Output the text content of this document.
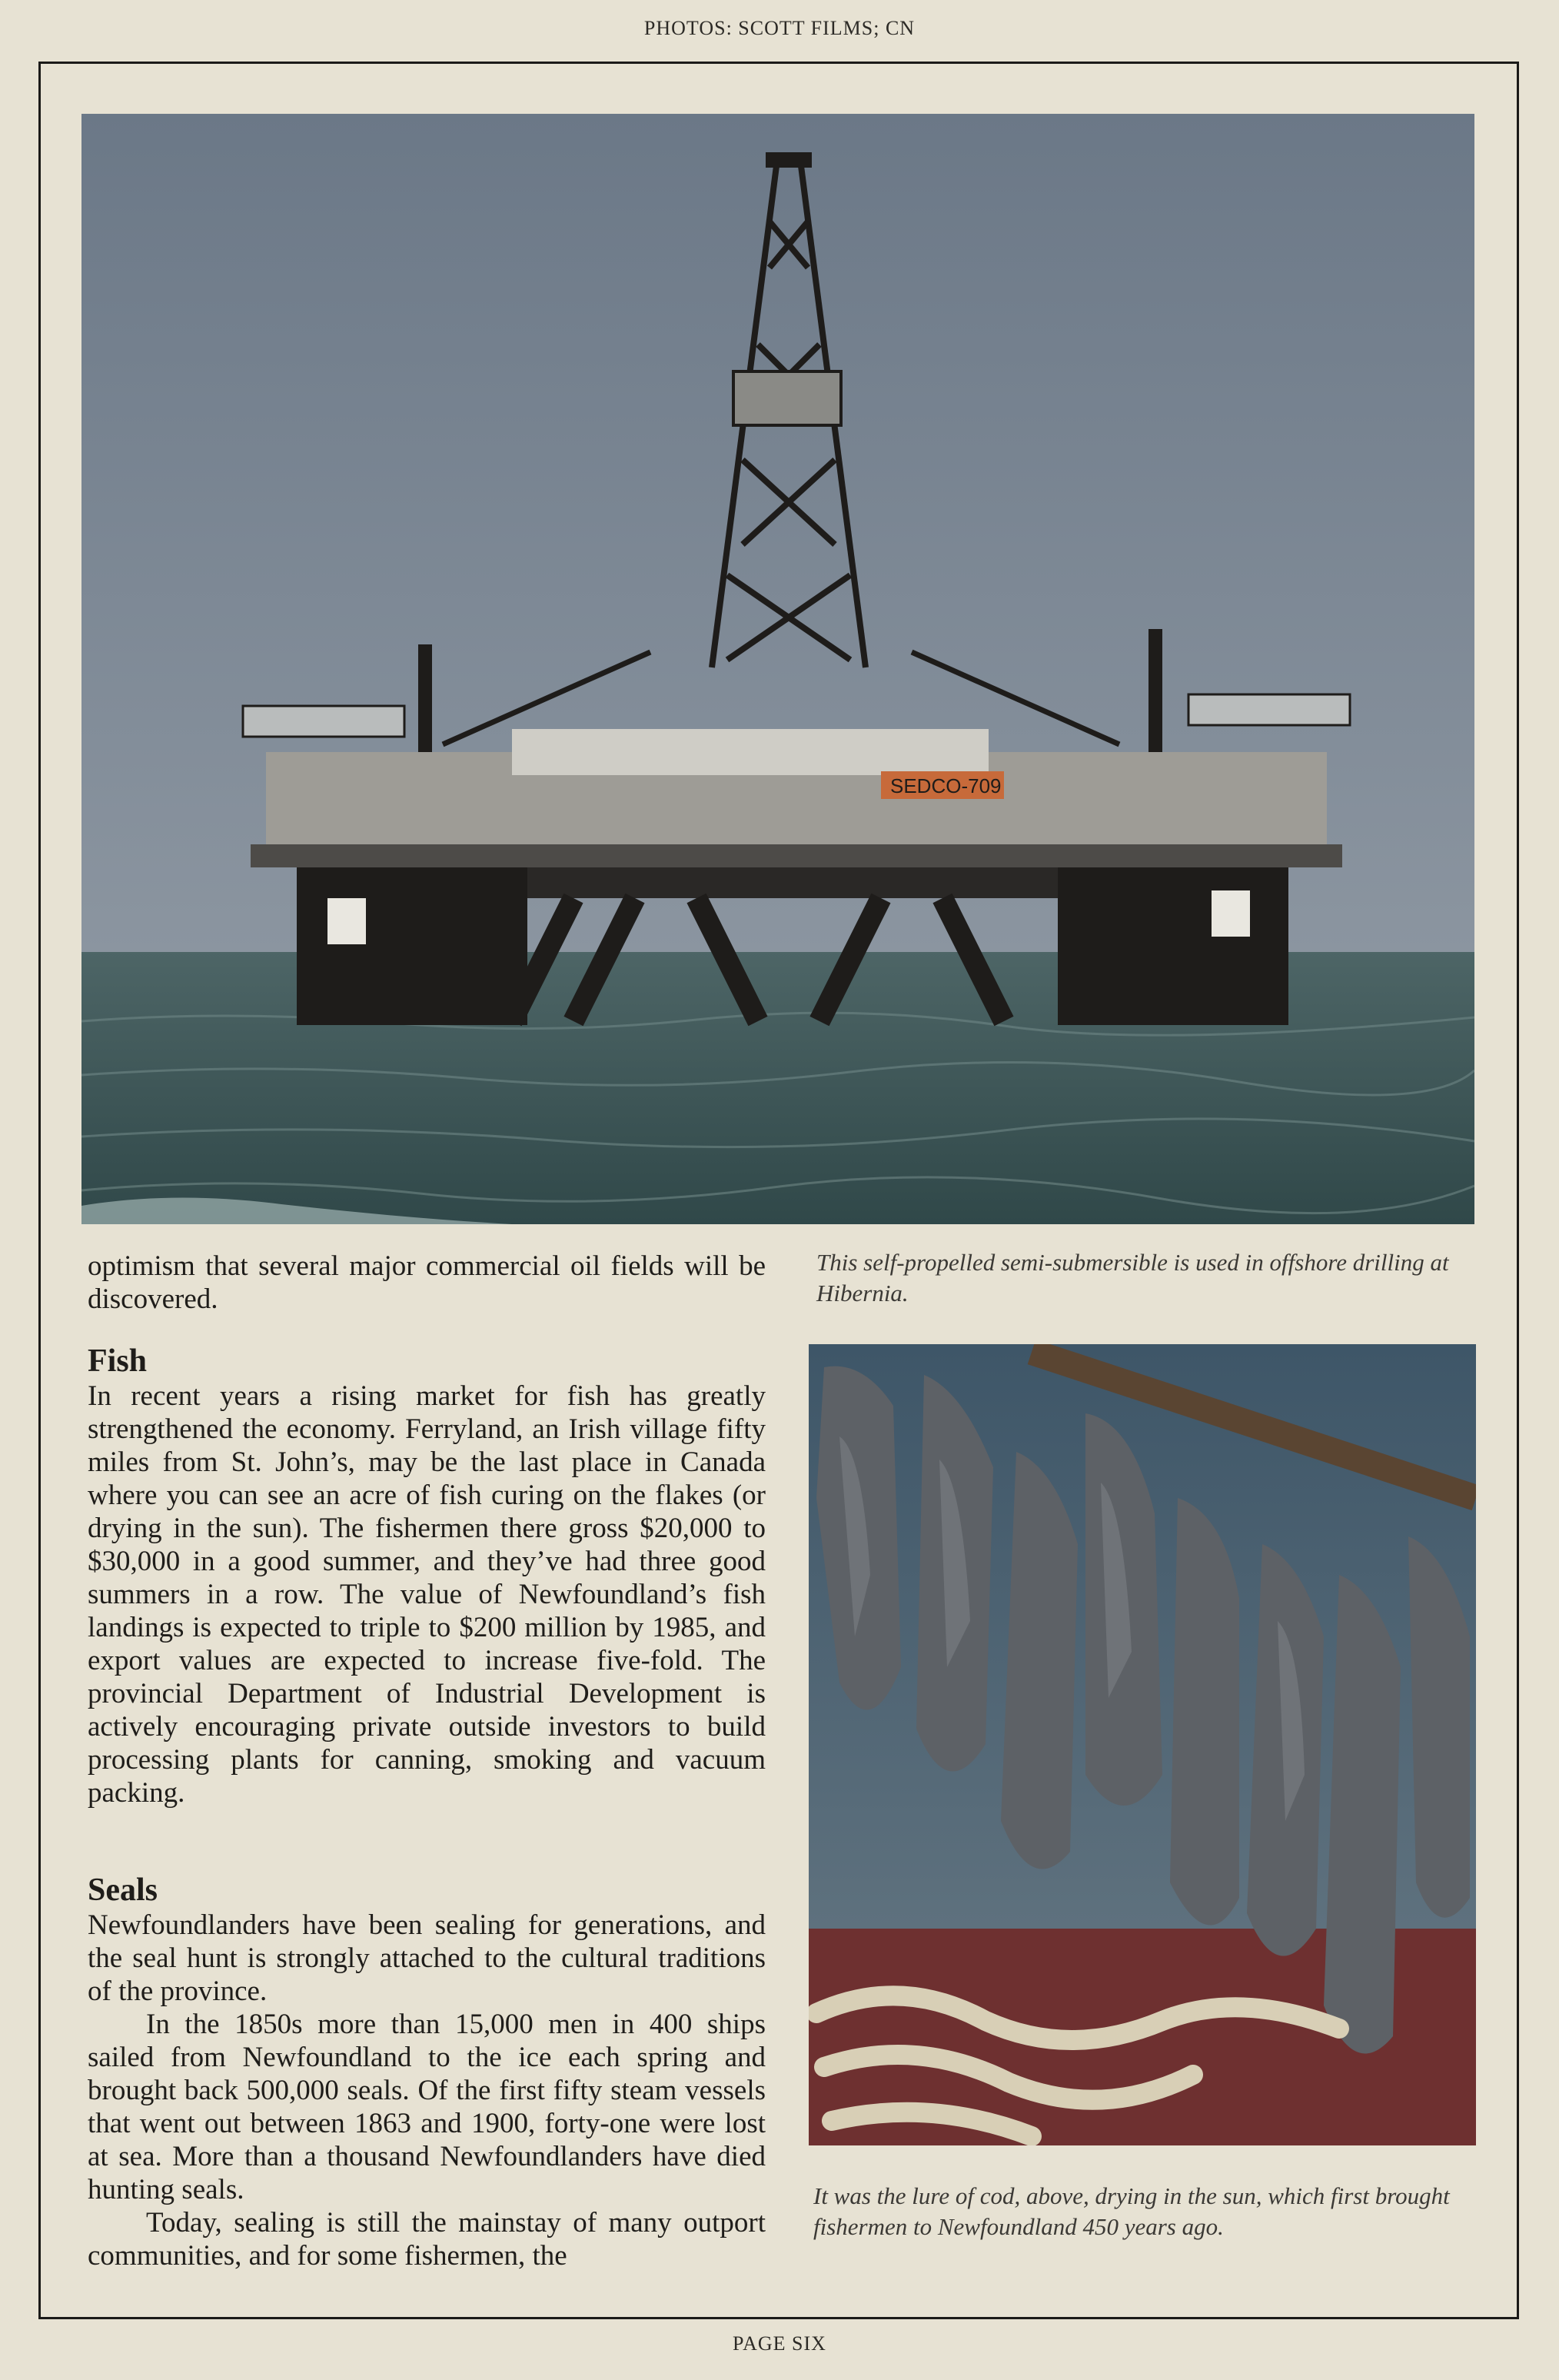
PHOTOS: SCOTT FILMS; CN
SEDCO-709
This self-propelled semi-submersible is used in offshore drilling at Hibernia.

optimism that several major commercial oil fields will be discovered.

Fish

In recent years a rising market for fish has greatly strengthened the economy. Ferryland, an Irish village fifty miles from St. John’s, may be the last place in Canada where you can see an acre of fish curing on the flakes (or drying in the sun). The fishermen there gross $20,000 to $30,000 in a good summer, and they’ve had three good summers in a row. The value of Newfoundland’s fish landings is expected to triple to $200 million by 1985, and export values are expected to increase five-fold. The provincial Department of Industrial Development is actively encouraging private outside investors to build processing plants for canning, smoking and vacuum packing.

Seals

Newfoundlanders have been sealing for generations, and the seal hunt is strongly attached to the cultural traditions of the province.

In the 1850s more than 15,000 men in 400 ships sailed from Newfoundland to the ice each spring and brought back 500,000 seals. Of the first fifty steam vessels that went out between 1863 and 1900, forty-one were lost at sea. More than a thousand Newfoundlanders have died hunting seals.

Today, sealing is still the mainstay of many outport communities, and for some fishermen, the

It was the lure of cod, above, drying in the sun, which first brought fishermen to Newfoundland 450 years ago.
PAGE SIX
